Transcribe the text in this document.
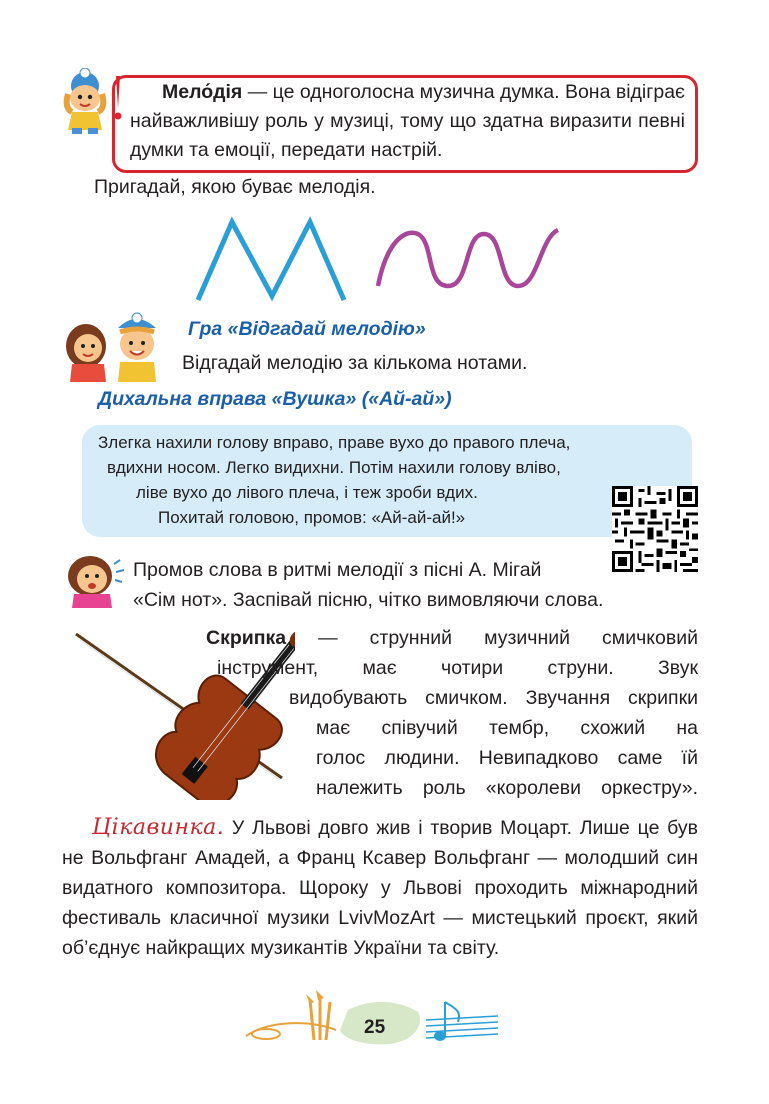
Мело́дія — це одноголосна музична думка. Вона відіграє найважливішу роль у музиці, тому що здатна виразити певні думки та емоції, передати настрій.

Пригадай, якою буває мелодія.
Гра «Відгадай мелодію»
Відгадай мелодію за кількома нотами.
Дихальна вправа «Вушка» («Ай-ай»)
Злегка нахили голову вправо, праве вухо до правого плеча,
вдихни носом. Легко видихни. Потім нахили голову вліво,
ліве вухо до лівого плеча, і теж зроби вдих.
Похитай головою, промов: «Ай-ай-ай!»
Промов слова в ритмі мелодії з пісні А. Мігай
«Сім нот». Заспівай пісню, чітко вимовляючи слова.
Скрипка — струнний музичний смичковий
інструмент, має чотири струни. Звук
видобувають смичком. Звучання скрипки
має співучий тембр, схожий на
голос людини. Невипадково саме їй
належить роль «королеви оркестру».
Цікавинка. У Львові довго жив і творив Моцарт. Лише це був не Вольфганг Амадей, а Франц Ксавер Вольфганг — молодший син видатного композитора. Щороку у Львові проходить міжнародний фестиваль класичної музики LvivMozArt — мистецький проєкт, який об’єднує найкращих музикантів України та світу.
25
